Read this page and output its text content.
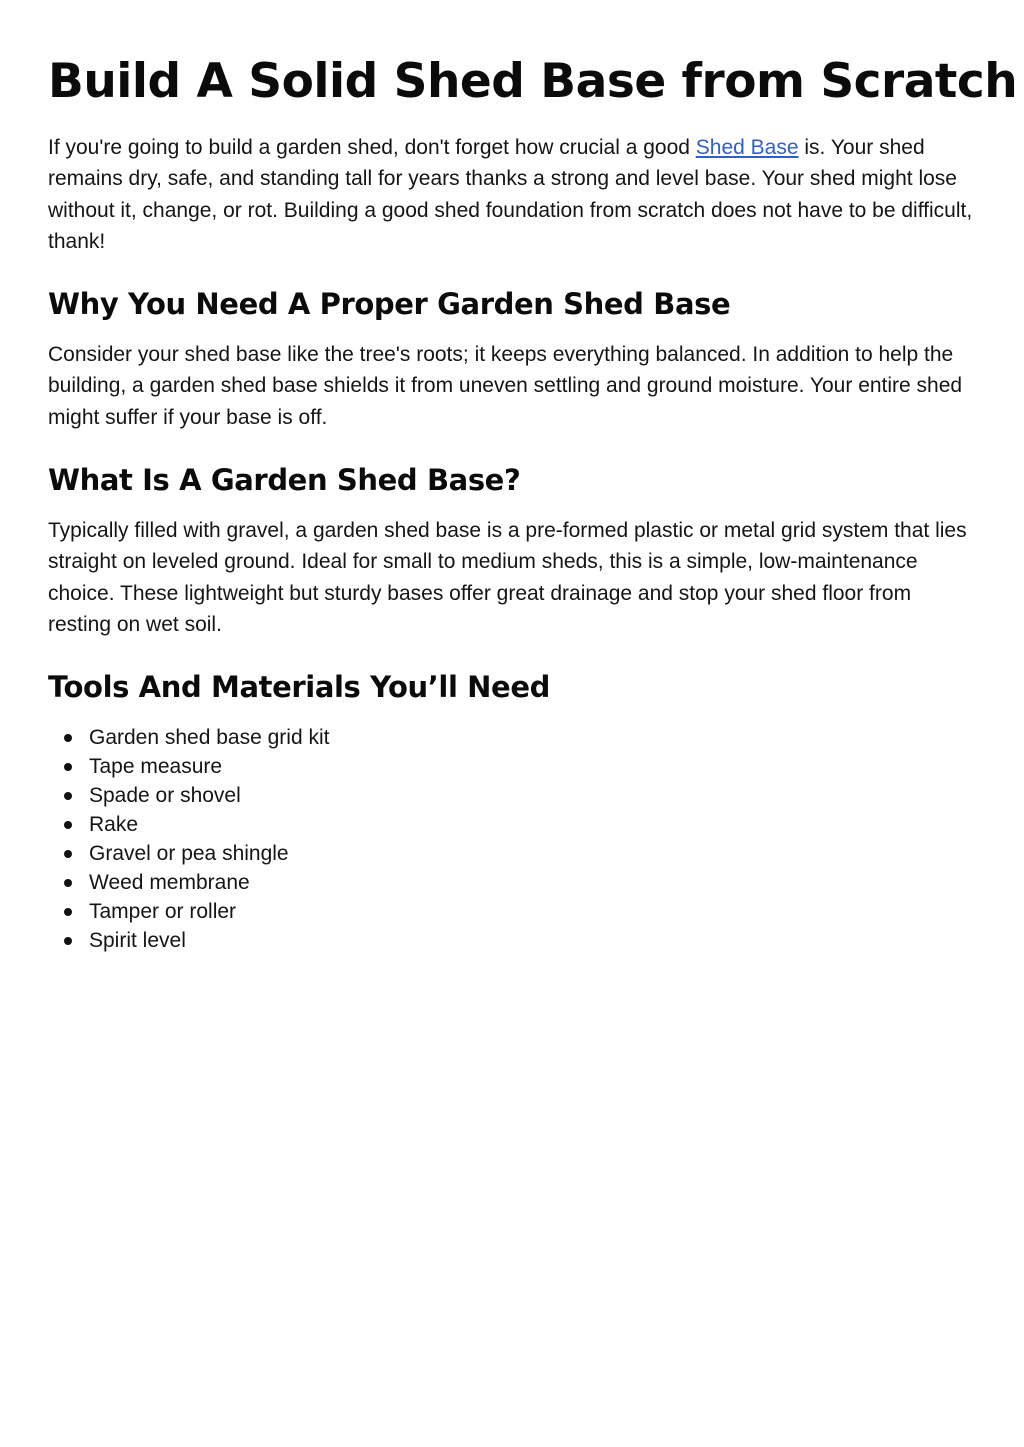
Build A Solid Shed Base from Scratch

If you're going to build a garden shed, don't forget how crucial a good Shed Base is. Your shed remains dry, safe, and standing tall for years thanks a strong and level base. Your shed might lose without it, change, or rot. Building a good shed foundation from scratch does not have to be difficult, thank!

Why You Need A Proper Garden Shed Base

Consider your shed base like the tree's roots; it keeps everything balanced. In addition to help the building, a garden shed base shields it from uneven settling and ground moisture. Your entire shed might suffer if your base is off.

What Is A Garden Shed Base?

Typically filled with gravel, a garden shed base is a pre-formed plastic or metal grid system that lies straight on leveled ground. Ideal for small to medium sheds, this is a simple, low-maintenance choice. These lightweight but sturdy bases offer great drainage and stop your shed floor from resting on wet soil.

Tools And Materials You’ll Need
Garden shed base grid kit
Tape measure
Spade or shovel
Rake
Gravel or pea shingle
Weed membrane
Tamper or roller
Spirit level
